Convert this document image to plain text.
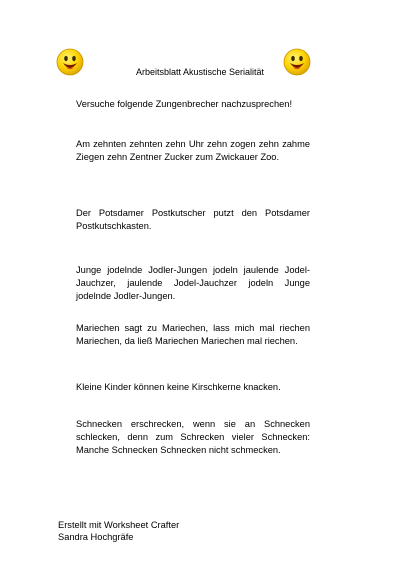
Arbeitsblatt Akustische Serialität
Versuche folgende Zungenbrecher nachzusprechen!
Am zehnten zehnten zehn Uhr zehn zogen zehn zahme Ziegen zehn Zentner Zucker zum Zwickauer Zoo.
Der Potsdamer Postkutscher putzt den Potsdamer Postkutschkasten.
Junge jodelnde Jodler-Jungen jodeln jaulende Jodel-Jauchzer, jaulende Jodel-Jauchzer jodeln Junge jodelnde Jodler-Jungen.
Mariechen sagt zu Mariechen, lass mich mal riechen Mariechen, da ließ Mariechen Mariechen mal riechen.
Kleine Kinder können keine Kirschkerne knacken.
Schnecken erschrecken, wenn sie an Schnecken schlecken, denn zum Schrecken vieler Schnecken: Manche Schnecken Schnecken nicht schmecken.
Erstellt mit Worksheet Crafter
Sandra Hochgräfe
